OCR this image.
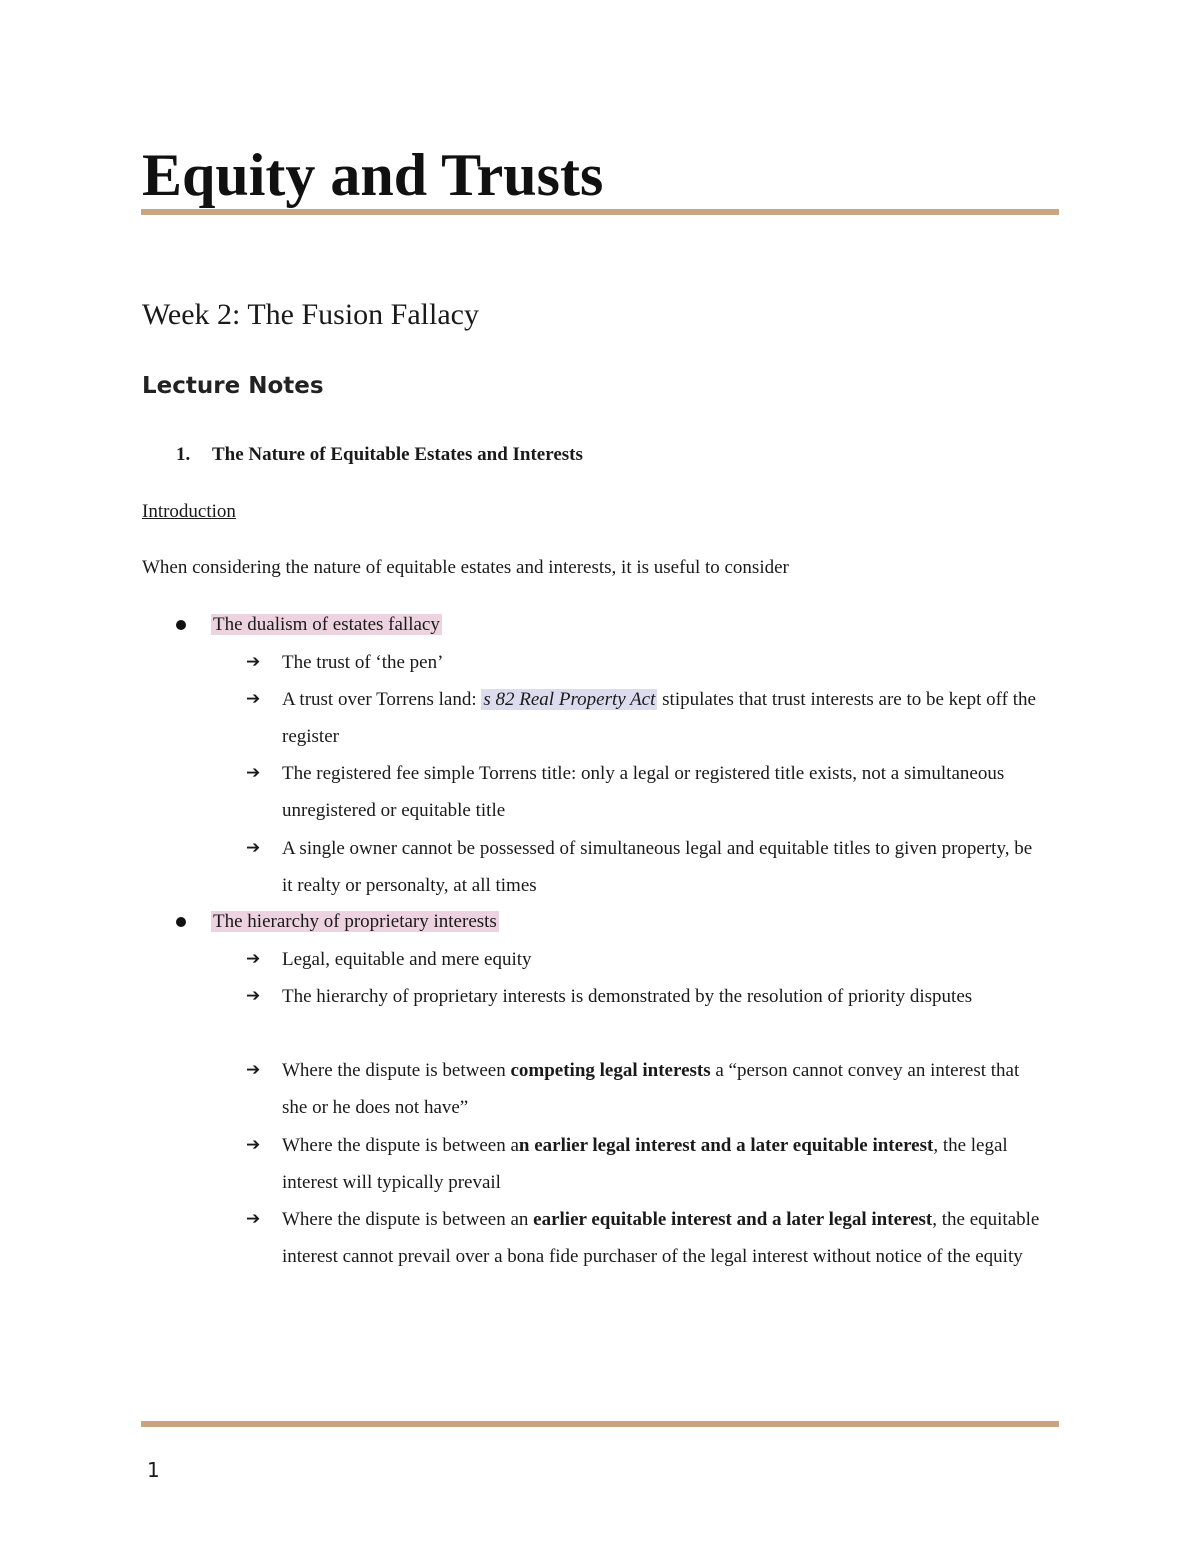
Equity and Trusts
Week 2: The Fusion Fallacy
Lecture Notes
1. The Nature of Equitable Estates and Interests
Introduction
When considering the nature of equitable estates and interests, it is useful to consider
The dualism of estates fallacy
➔ The trust of ‘the pen’
➔ A trust over Torrens land: s 82 Real Property Act stipulates that trust interests are to be kept off the register
➔ The registered fee simple Torrens title: only a legal or registered title exists, not a simultaneous unregistered or equitable title
➔ A single owner cannot be possessed of simultaneous legal and equitable titles to given property, be it realty or personalty, at all times
The hierarchy of proprietary interests
➔ Legal, equitable and mere equity
➔ The hierarchy of proprietary interests is demonstrated by the resolution of priority disputes
➔ Where the dispute is between competing legal interests a “person cannot convey an interest that she or he does not have”
➔ Where the dispute is between an earlier legal interest and a later equitable interest, the legal interest will typically prevail
➔ Where the dispute is between an earlier equitable interest and a later legal interest, the equitable interest cannot prevail over a bona fide purchaser of the legal interest without notice of the equity
1
